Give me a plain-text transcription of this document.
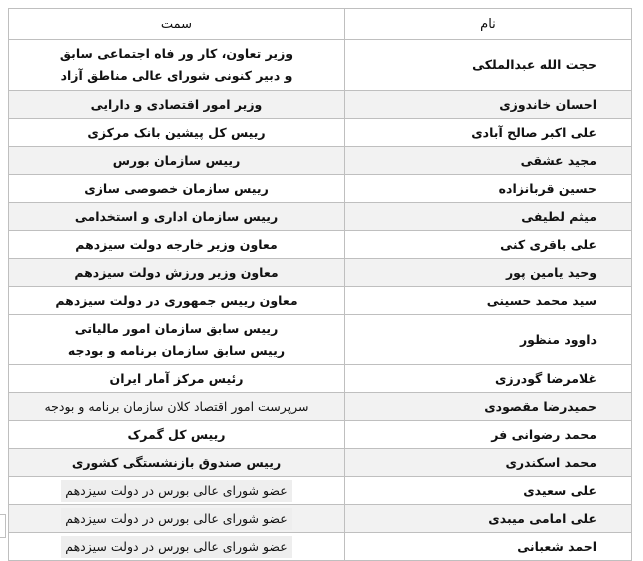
نام	سمت
حجت الله عبدالملکی	وزیر تعاون، کار ور فاه اجتماعی سابق
و دبیر کنونی شورای عالی مناطق آزاد

احسان خاندوزی	وزیر امور اقتصادی و دارایی

علی اکبر صالح آبادی	رییس کل پیشین بانک مرکزی

مجید عشقی	رییس سازمان بورس

حسین قربانزاده	رییس سازمان خصوصی سازی

میثم لطیفی	رییس سازمان اداری و استخدامی

علی باقری کنی	معاون وزیر خارجه دولت سیزدهم

وحید یامین پور	معاون وزیر ورزش دولت سیزدهم

سید محمد حسینی	معاون رییس جمهوری در دولت سیزدهم

داوود منظور	رییس سابق سازمان امور مالیاتی
رییس سابق سازمان برنامه و بودجه

غلامرضا گودرزی	رئیس مرکز آمار ایران

حمیدرضا مقصودی	سرپرست امور اقتصاد کلان سازمان برنامه و بودجه

محمد رضوانی فر	رییس کل گمرک

محمد اسکندری	رییس صندوق بازنشستگی کشوری

علی سعیدی	عضو شورای عالی بورس در دولت سیزدهم

علی امامی میبدی	عضو شورای عالی بورس در دولت سیزدهم

احمد شعبانی	عضو شورای عالی بورس در دولت سیزدهم
